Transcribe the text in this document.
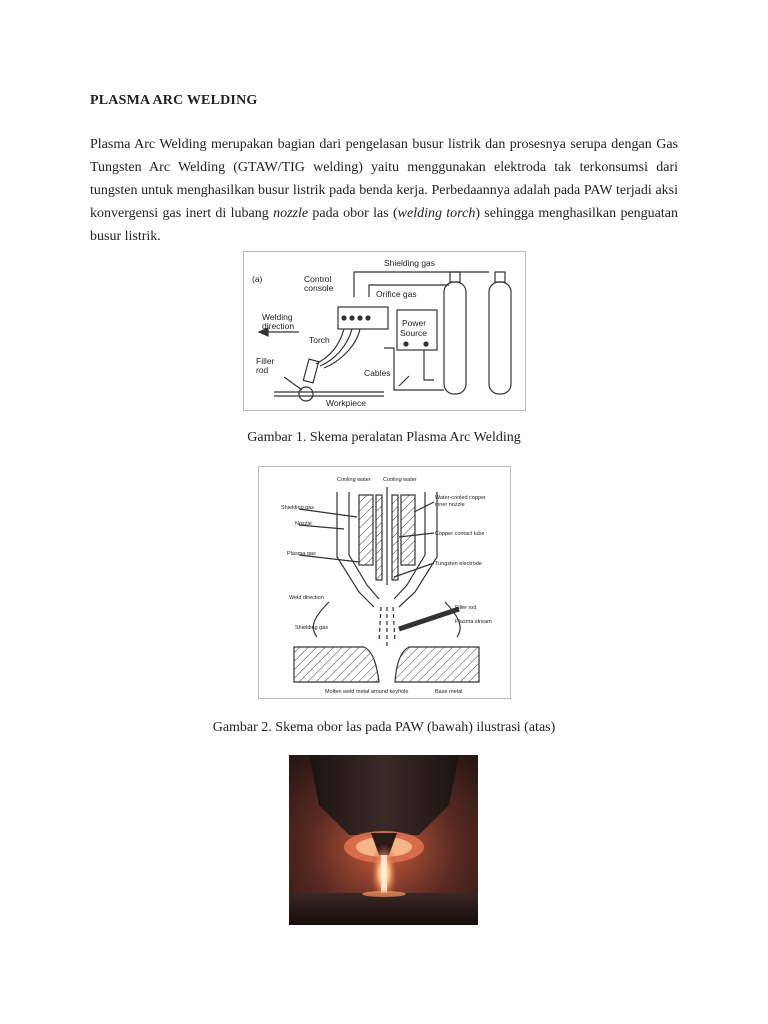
PLASMA ARC WELDING
Plasma Arc Welding merupakan bagian dari pengelasan busur listrik dan prosesnya serupa dengan Gas Tungsten Arc Welding (GTAW/TIG welding) yaitu menggunakan elektroda tak terkonsumsi dari tungsten untuk menghasilkan busur listrik pada benda kerja. Perbedaannya adalah pada PAW terjadi aksi konvergensi gas inert di lubang nozzle pada obor las (welding torch) sehingga menghasilkan penguatan busur listrik.
(a)
Shielding gas
Control
console
Orifice gas
Welding
direction	Power
Source
Torch
Filler
rod	Cables
Workpiece
Gambar 1. Skema peralatan Plasma Arc Welding
Cooling water Cooling water
Shielding gas
Nozzle
Plasma gas
Water-cooled copper
inner nozzle
Copper contact tube
Tungsten electrode
Weld direction
Shielding gas
Filler rod
Plasma stream
Molten weld metal around keyhole	Base metal
Gambar 2. Skema obor las pada PAW (bawah) ilustrasi (atas)
